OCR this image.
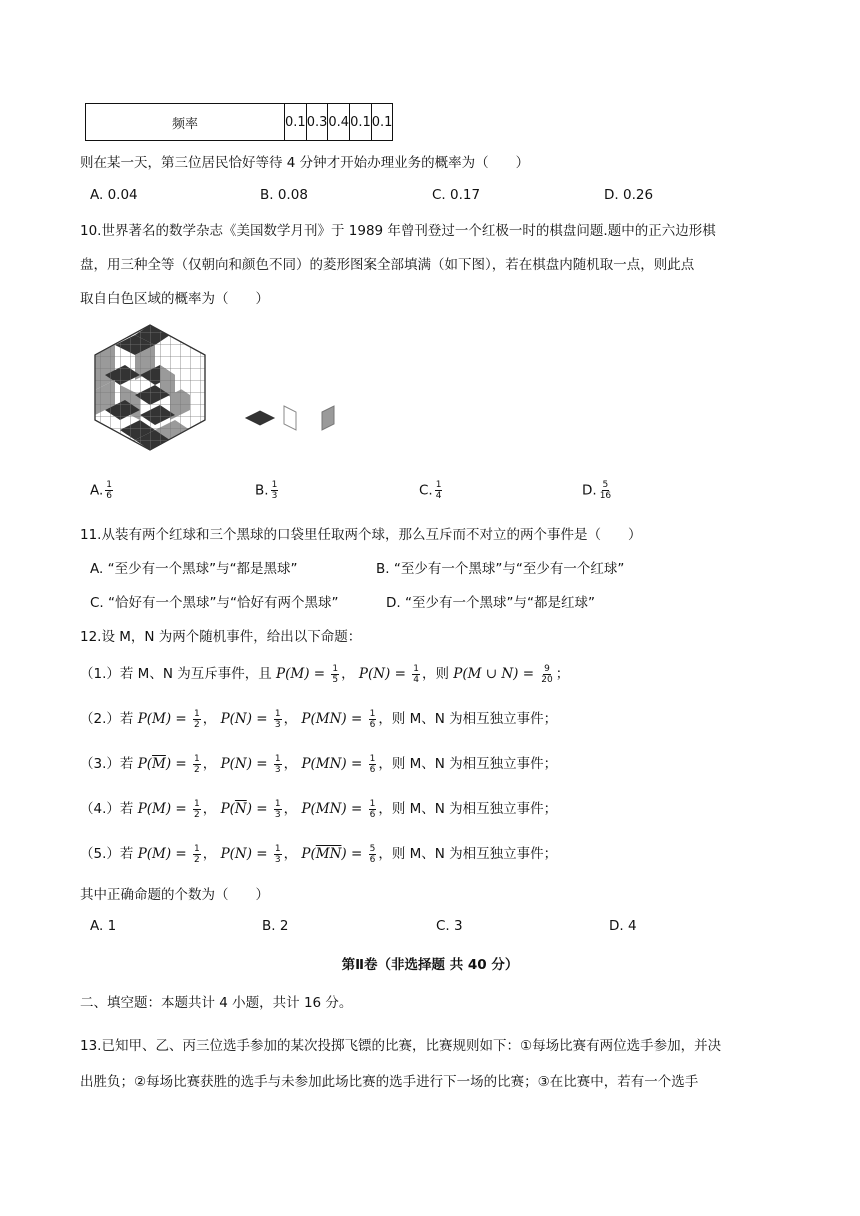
频率	0.1	0.3	0.4	0.1	0.1
则在某一天，第三位居民恰好等待 4 分钟才开始办理业务的概率为（　　）
A. 0.04	B. 0.08	C. 0.17	D. 0.26
10.世界著名的数学杂志《美国数学月刊》于 1989 年曾刊登过一个红极一时的棋盘问题.题中的正六边形棋
盘，用三种全等（仅朝向和颜色不同）的菱形图案全部填满（如下图），若在棋盘内随机取一点，则此点
取自白色区域的概率为（　　）
A. $\frac{1}{6}$	B. $\frac{1}{3}$	C. $\frac{1}{4}$	D. $\frac{5}{16}$
11.从装有两个红球和三个黑球的口袋里任取两个球，那么互斥而不对立的两个事件是（　　）
A. “至少有一个黑球”与“都是黑球”	B. “至少有一个黑球”与“至少有一个红球”
C. “恰好有一个黑球”与“恰好有两个黑球”	D. “至少有一个黑球”与“都是红球”
12.设 M，N 为两个随机事件，给出以下命题：
（1.）若 M、N 为互斥事件，且 $P(M) = \frac{1}{5}$ ， $P(N) = \frac{1}{4}$ ，则 P(M ∪ $N) = \frac{9}{20}$ ；
（2.）若 $P(M) = \frac{1}{2}$ ， $P(N) = \frac{1}{3}$ ， $P(MN) = \frac{1}{6}$ ，则 M、N 为相互独立事件；
（3.）若 $P(\overline{M}) = \frac{1}{2}$ ， $P(N) = \frac{1}{3}$ ， $P(MN) = \frac{1}{6}$ ，则 M、N 为相互独立事件；
（4.）若 $P(M) = \frac{1}{2}$ ， $P(\overline{N}) = \frac{1}{3}$ ， $P(MN) = \frac{1}{6}$ ，则 M、N 为相互独立事件；
（5.）若 $P(M) = \frac{1}{2}$ ， $P(N) = \frac{1}{3}$ ， $P(\overline{MN}) = \frac{5}{6}$ ，则 M、N 为相互独立事件；
其中正确命题的个数为（　　）
A. 1	B. 2	C. 3	D. 4
第Ⅱ卷（非选择题 共 40 分）
二、填空题：本题共计 4 小题，共计 16 分。
13.已知甲、乙、丙三位选手参加的某次投掷飞镖的比赛，比赛规则如下：①每场比赛有两位选手参加，并决
出胜负；②每场比赛获胜的选手与未参加此场比赛的选手进行下一场的比赛；③在比赛中，若有一个选手
